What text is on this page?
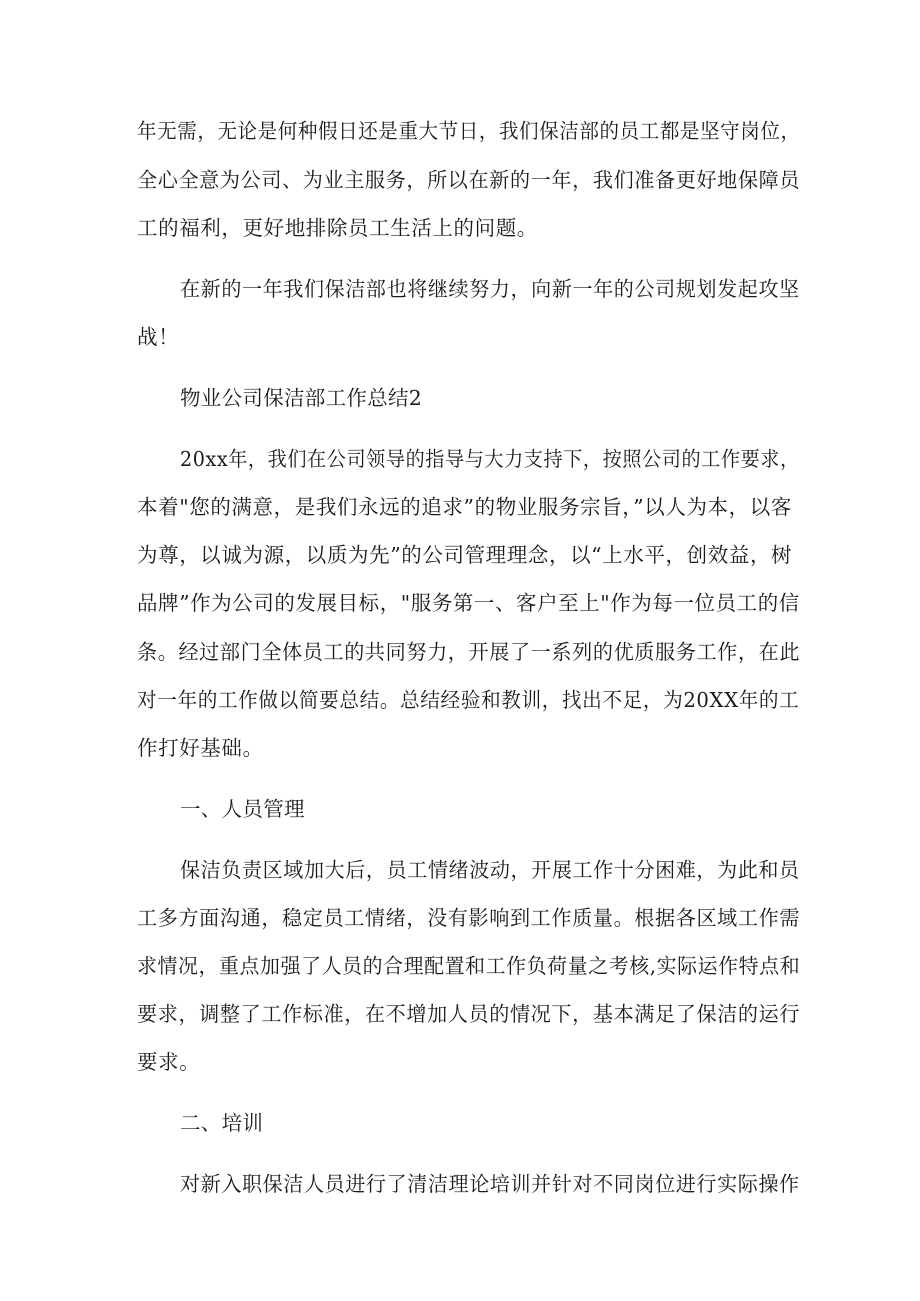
年无需，无论是何种假日还是重大节日，我们保洁部的员工都是坚守岗位，
全心全意为公司、为业主服务，所以在新的一年，我们准备更好地保障员
工的福利，更好地排除员工生活上的问题。
在新的一年我们保洁部也将继续努力，向新一年的公司规划发起攻坚
战！
物业公司保洁部工作总结2
20xx年，我们在公司领导的指导与大力支持下，按照公司的工作要求，
本着"您的满意，是我们永远的追求”的物业服务宗旨，”以人为本，以客
为尊，以诚为源，以质为先”的公司管理理念，以“上水平，创效益，树
品牌”作为公司的发展目标，"服务第一、客户至上"作为每一位员工的信
条。经过部门全体员工的共同努力，开展了一系列的优质服务工作，在此
对一年的工作做以简要总结。总结经验和教训，找出不足，为20XX年的工
作打好基础。
一、人员管理
保洁负责区域加大后，员工情绪波动，开展工作十分困难，为此和员
工多方面沟通，稳定员工情绪，没有影响到工作质量。根据各区域工作需
求情况，重点加强了人员的合理配置和工作负荷量之考核,实际运作特点和
要求，调整了工作标准，在不增加人员的情况下，基本满足了保洁的运行
要求。
二、培训
对新入职保洁人员进行了清洁理论培训并针对不同岗位进行实际操作
